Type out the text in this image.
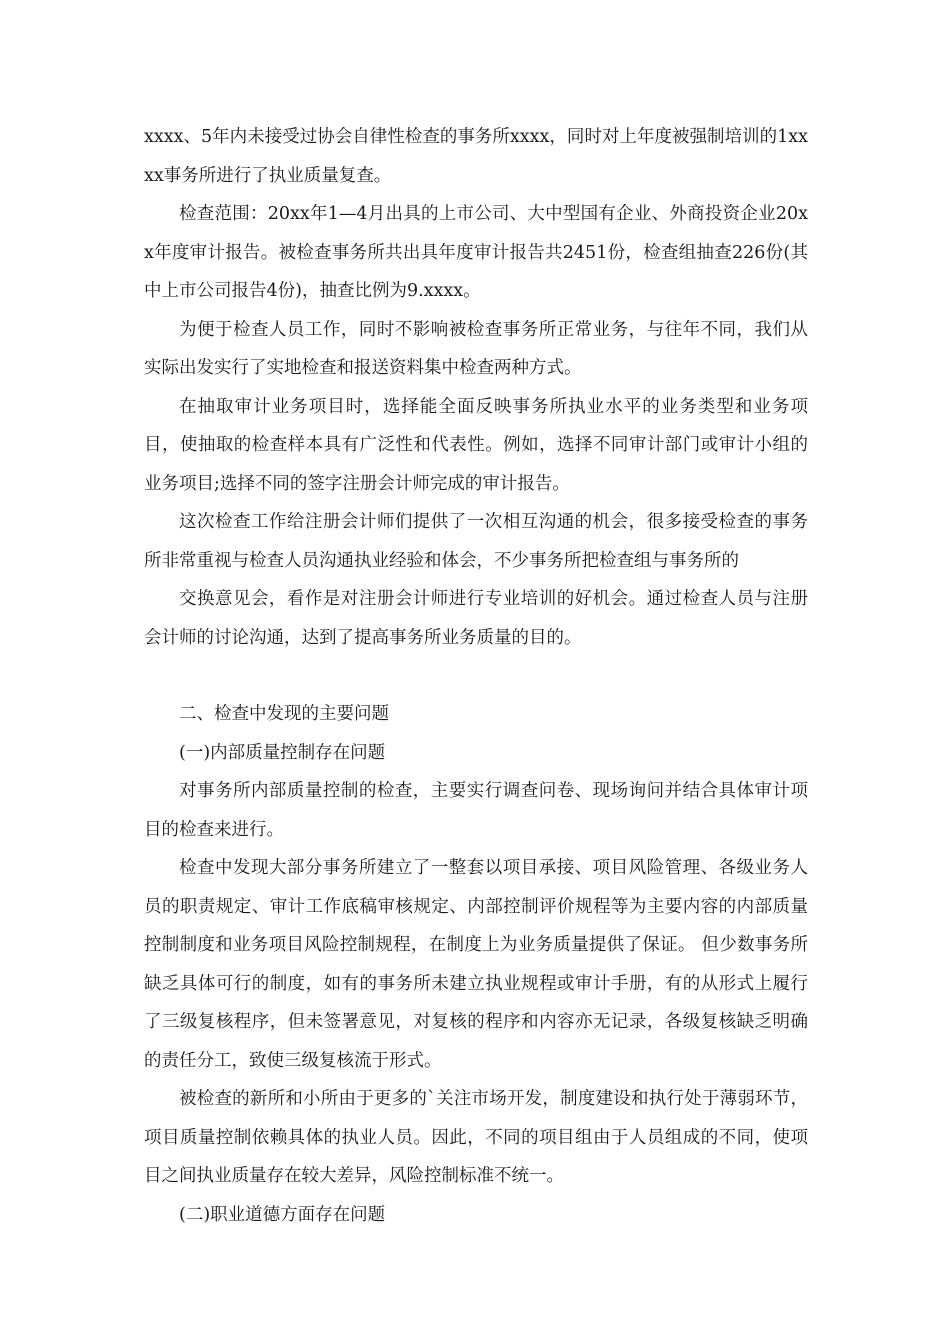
xxxx、5年内未接受过协会自律性检查的事务所xxxx，同时对上年度被强制培训的1xxxx事务所进行了执业质量复查。

检查范围：20xx年1—4月出具的上市公司、大中型国有企业、外商投资企业20xx年度审计报告。被检查事务所共出具年度审计报告共2451份，检查组抽查226份(其中上市公司报告4份)，抽查比例为9.xxxx。

为便于检查人员工作，同时不影响被检查事务所正常业务，与往年不同，我们从实际出发实行了实地检查和报送资料集中检查两种方式。

在抽取审计业务项目时，选择能全面反映事务所执业水平的业务类型和业务项目，使抽取的检查样本具有广泛性和代表性。例如，选择不同审计部门或审计小组的业务项目;选择不同的签字注册会计师完成的审计报告。

这次检查工作给注册会计师们提供了一次相互沟通的机会，很多接受检查的事务所非常重视与检查人员沟通执业经验和体会，不少事务所把检查组与事务所的

交换意见会，看作是对注册会计师进行专业培训的好机会。通过检查人员与注册会计师的讨论沟通，达到了提高事务所业务质量的目的。

二、检查中发现的主要问题

(一)内部质量控制存在问题

对事务所内部质量控制的检查，主要实行调查问卷、现场询问并结合具体审计项目的检查来进行。

检查中发现大部分事务所建立了一整套以项目承接、项目风险管理、各级业务人员的职责规定、审计工作底稿审核规定、内部控制评价规程等为主要内容的内部质量控制制度和业务项目风险控制规程，在制度上为业务质量提供了保证。 但少数事务所缺乏具体可行的制度，如有的事务所未建立执业规程或审计手册，有的从形式上履行了三级复核程序，但未签署意见，对复核的程序和内容亦无记录，各级复核缺乏明确的责任分工，致使三级复核流于形式。

被检查的新所和小所由于更多的`关注市场开发，制度建设和执行处于薄弱环节，项目质量控制依赖具体的执业人员。因此，不同的项目组由于人员组成的不同，使项目之间执业质量存在较大差异，风险控制标准不统一。

(二)职业道德方面存在问题
